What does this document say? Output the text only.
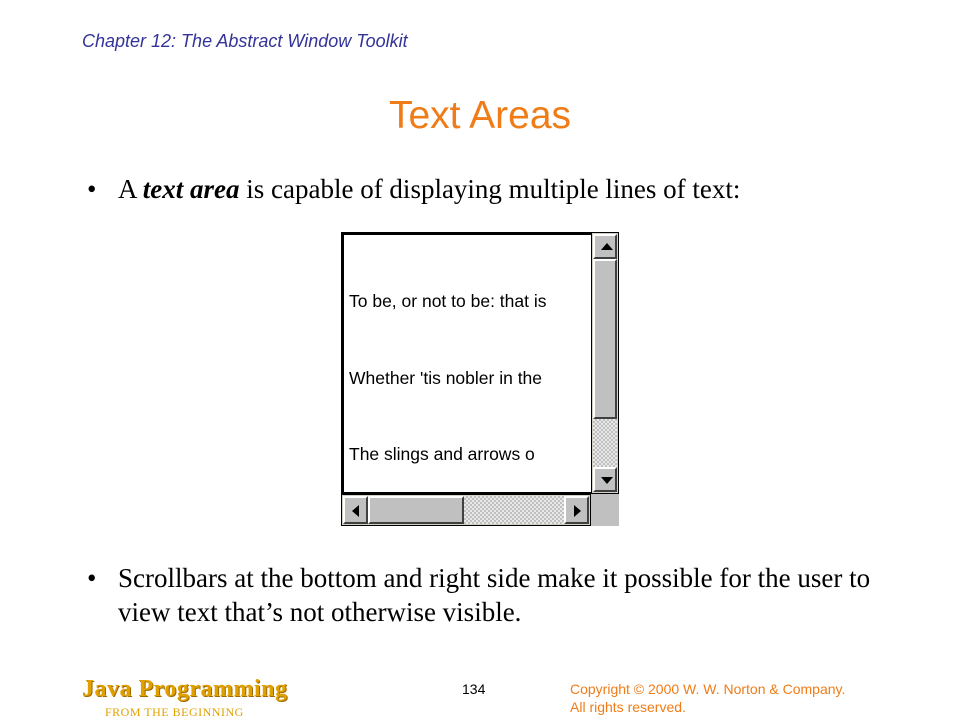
Chapter 12: The Abstract Window Toolkit
Text Areas
• A text area is capable of displaying multiple lines of text:

To be, or not to be: that is

Whether 'tis nobler in the

The slings and arrows o

• Scrollbars at the bottom and right side make it possible for the user to view text that’s not otherwise visible.
Java Programming
FROM THE BEGINNING
134	Copyright © 2000 W. W. Norton & Company.
All rights reserved.
